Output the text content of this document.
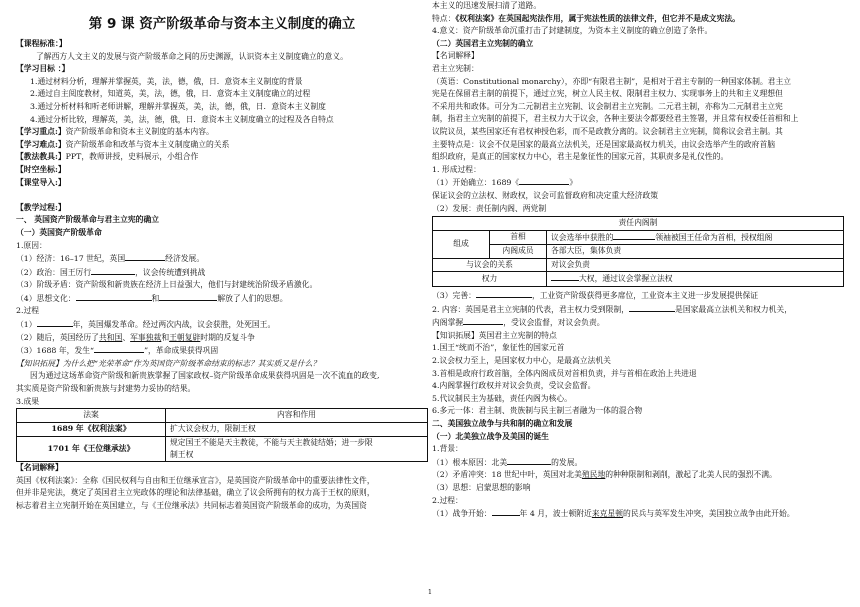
第 9 课 资产阶级革命与资本主义制度的确立
【课程标准：】
了解西方人文主义的发展与资产阶级革命之间的历史渊源，认识资本主义制度确立的意义。
【学习目标 ：】
1.通过材料分析，理解并掌握英，美，法，德，俄，日．意资本主义制度的背景
2.通过自主阅度教材，知道英，美，法，德，俄，日．意资本主义制度确立的过程
3.通过分析材料和听老师讲解，理解并掌握英，美，法，德，俄，日．意资本主义制度
4.通过分析比较，理解英，美，法，德，俄，日．意资本主义制度确立的过程及各自特点
【学习重点:】资产阶级革命和资本主义制度的基本内容。
【学习难点:】资产阶级革命和改革与资本主义制度确立的关系
【教法教具:】PPT，教师讲授，史料展示，小组合作
【时空坐标:】
【课堂导入:】
【教学过程:】
一、 英国资产阶级革命与君主立宪的确立
（一）英国资产阶级革命
1.原因：
（1）经济：16–17 世纪，英国	经济发展。
（2）政治：国王厉行	，议会传统遭到挑战
（3）阶级矛盾：资产阶级和新贵族在经济上日益强大，他们与封建统治阶级矛盾激化。
（4）思想文化：	和	解放了人们的思想。
2.过程
（1）	年，英国爆发革命。经过两次内战，议会获胜，处死国王。
（2）随后，英国经历了共和国、军事独裁和王朝复辟时期的反复斗争
（3）1688 年，发生“	”，革命成果获得巩固
【知识拓展】为什么把“光荣革命”作为英国资产阶级革命结束的标志？其实质又是什么？
因为通过这场革命资产阶级和新贵族掌握了国家政权–资产阶级革命成果获得巩固是一次不流血的政变,
其实质是资产阶级和新贵族与封建势力妥协的结果。
3.成果
法案	内容和作用
1689 年《权利法案》	扩大议会权力，限制王权
1701 年《王位继承法》	规定国王不能是天主教徒，不能与天主教徒结婚；进一步限
制王权
【名词解释】
英国《权利法案》：全称《国民权利与自由和王位继承宣言》，是英国资产阶级革命中的重要法律性文件，
但并非是宪法，奠定了英国君主立宪政体的理论和法律基础，确立了议会所拥有的权力高于王权的原则，
标志着君主立宪制开始在英国建立，与《王位继承法》共同标志着英国资产阶级革命的成功，为英国资
本主义的迅速发展扫清了道路。
特点：《权利法案》在英国起宪法作用，属于宪法性质的法律文件，但它并不是成文宪法。
4.意义：资产阶级革命沉重打击了封建制度，为资本主义制度的确立创造了条件。
（二）英国君主立宪制的确立
【名词解释】
君主立宪制：
（英语：Constitutional monarchy），亦即“有限君主制”，是相对于君主专制的一种国家体制。君主立
宪是在保留君主制的前提下，通过立宪，树立人民主权、限制君主权力、实现事务上的共和主义理想但
不采用共和政体。可分为二元制君主立宪制、议会制君主立宪制。二元君主制，亦称为二元制君主立宪
制，指君主立宪制的前提下，君主权力大于议会，各种主要法令都要经君主签署，并且常有权委任首相和上
议院议员，某些国家还有君权神授色彩，而不是政教分离的。议会制君主立宪制，简称议会君主制。其
主要特点是：议会不仅是国家的最高立法机关，还是国家最高权力机关，由议会选举产生的政府首脑
组织政府，是真正的国家权力中心，君主是象征性的国家元首，其职责多是礼仪性的。
1. 形成过程：
（1）开始确立：1689《	》
保证议会的立法权、财政权，议会可监督政府和决定重大经济政策
（2）发展：责任制内阁、两党制
责任内阁制		
组成	首相	议会选举中获胜的 领袖被国王任命为首相，授权组阁
	内阁成员	各部大臣，集体负责
与议会的关系		对议会负责
权力		大权，通过议会掌握立法权
（3）完善：	，工业资产阶级获得更多席位，工业资本主义进一步发展提供保证
2. 内容：英国是君主立宪制的代表，君主权力受到限制，	是国家最高立法机关和权力机关，
内阁掌握	，受议会监督，对议会负责。
【知识拓展】英国君主立宪制的特点
1.国王“统而不治”，象征性的国家元首
2.议会权力至上，是国家权力中心，是最高立法机关
3.首相是政府行政首脑，全体内阁成员对首相负责，并与首相在政治上共进退
4.内阁掌握行政权并对议会负责，受议会监督。
5.代议制民主为基础，责任内阁为核心。
6.多元一体：君主制、贵族制与民主制三者融为一体的混合物
二、美国独立战争与共和制的确立和发展
（一）北美独立战争及美国的诞生
1.背景：
（1）根本原因：北美	的发展。
（2）矛盾冲突：18 世纪中叶，英国对北美殖民地的种种限制和剥削，激起了北美人民的强烈不满。
（3）思想：启蒙思想的影响
2.过程：
（1）战争开始：	年 4 月，波士顿附近来克星顿的民兵与英军发生冲突，美国独立战争由此开始。
1
